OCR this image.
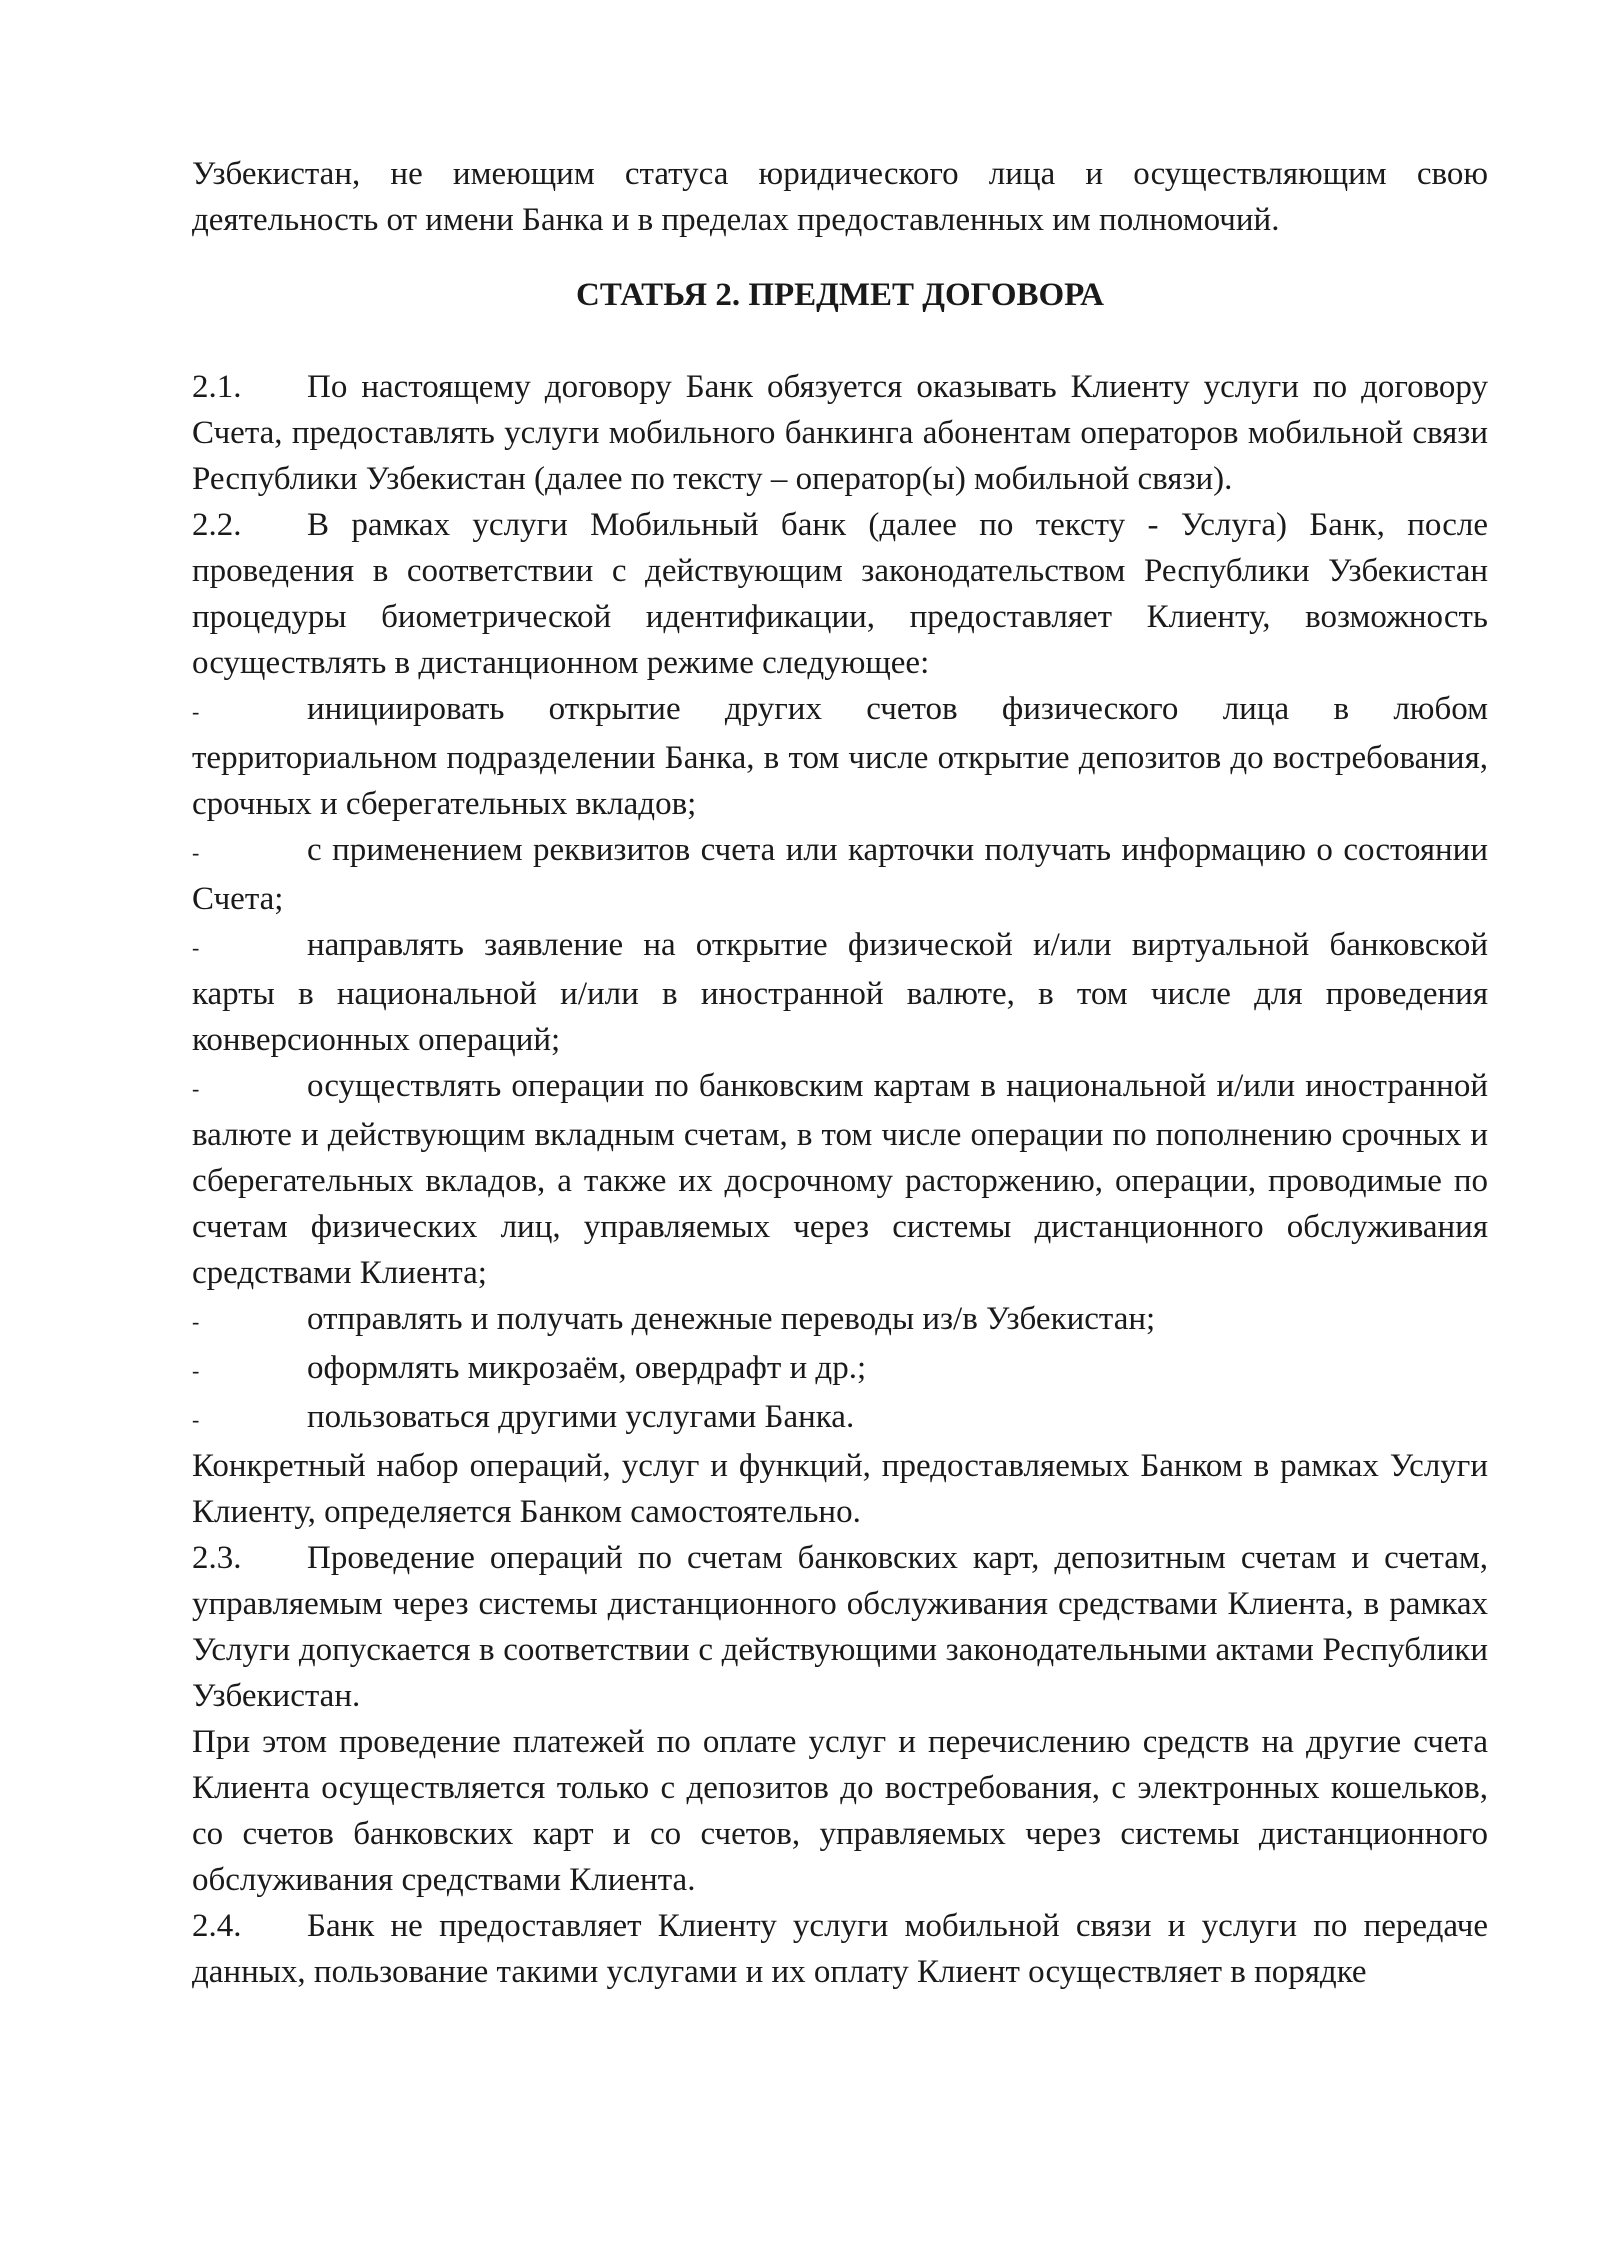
Узбекистан, не имеющим статуса юридического лица и осуществляющим свою деятельность от имени Банка и в пределах предоставленных им полномочий.

СТАТЬЯ 2. ПРЕДМЕТ ДОГОВОРА

2.1. По настоящему договору Банк обязуется оказывать Клиенту услуги по договору Счета, предоставлять услуги мобильного банкинга абонентам операторов мобильной связи Республики Узбекистан (далее по тексту – оператор(ы) мобильной связи).

2.2. В рамках услуги Мобильный банк (далее по тексту - Услуга) Банк, после проведения в соответствии с действующим законодательством Республики Узбекистан процедуры биометрической идентификации, предоставляет Клиенту, возможность осуществлять в дистанционном режиме следующее:

-	инициировать открытие других счетов физического лица в любом территориальном подразделении Банка, в том числе открытие депозитов до востребования, срочных и сберегательных вкладов;

-	с применением реквизитов счета или карточки получать информацию о состоянии Счета;

-	направлять заявление на открытие физической и/или виртуальной банковской карты в национальной и/или в иностранной валюте, в том числе для проведения конверсионных операций;

-	осуществлять операции по банковским картам в национальной и/или иностранной валюте и действующим вкладным счетам, в том числе операции по пополнению срочных и сберегательных вкладов, а также их досрочному расторжению, операции, проводимые по счетам физических лиц, управляемых через системы дистанционного обслуживания средствами Клиента;

-	отправлять и получать денежные переводы из/в Узбекистан;

-	оформлять микрозаём, овердрафт и др.;

-	пользоваться другими услугами Банка.

Конкретный набор операций, услуг и функций, предоставляемых Банком в рамках Услуги Клиенту, определяется Банком самостоятельно.

2.3. Проведение операций по счетам банковских карт, депозитным счетам и счетам, управляемым через системы дистанционного обслуживания средствами Клиента, в рамках Услуги допускается в соответствии с действующими законодательными актами Республики Узбекистан.

При этом проведение платежей по оплате услуг и перечислению средств на другие счета Клиента осуществляется только с депозитов до востребования, с электронных кошельков, со счетов банковских карт и со счетов, управляемых через системы дистанционного обслуживания средствами Клиента.

2.4. Банк не предоставляет Клиенту услуги мобильной связи и услуги по передаче данных, пользование такими услугами и их оплату Клиент осуществляет в порядке
